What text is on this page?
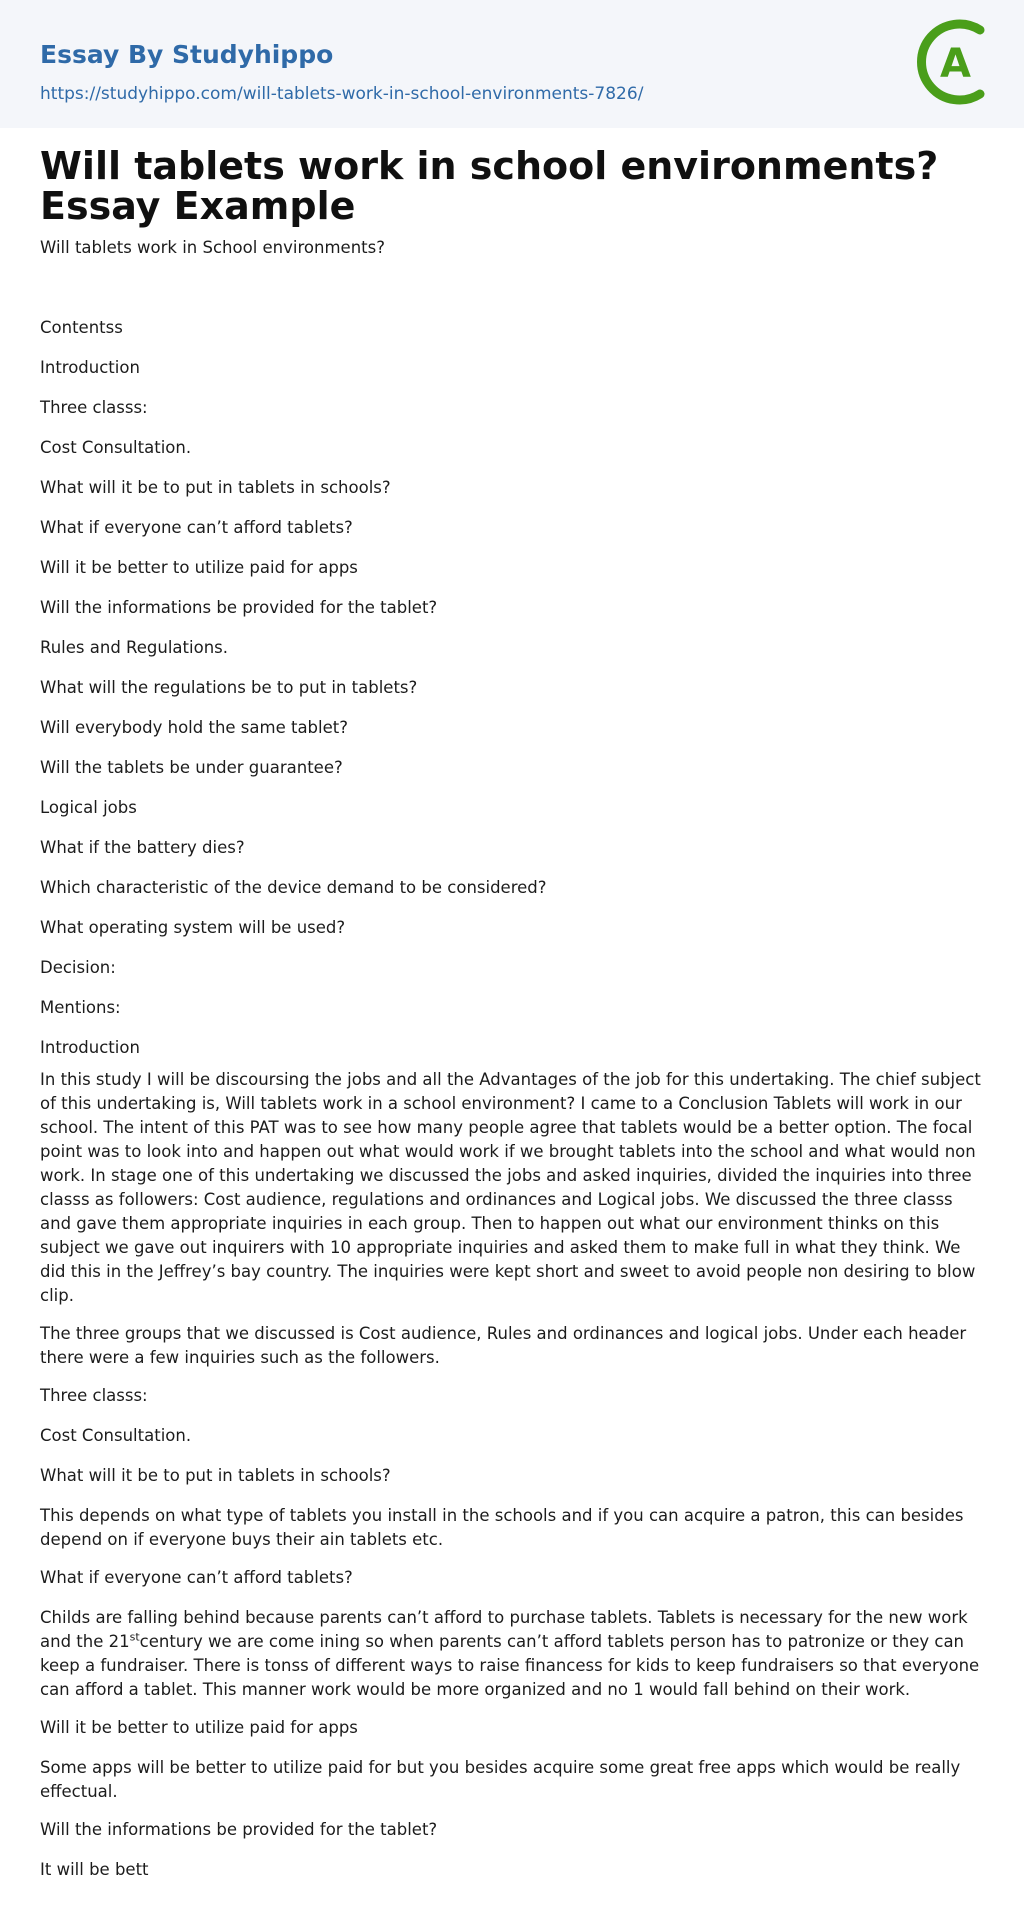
Essay By Studyhippo
https://studyhippo.com/will-tablets-work-in-school-environments-7826/
A
Will tablets work in school environments? Essay Example

Will tablets work in School environments?

Contentss

Introduction

Three classs:

Cost Consultation.

What will it be to put in tablets in schools?

What if everyone can’t afford tablets?

Will it be better to utilize paid for apps

Will the informations be provided for the tablet?

Rules and Regulations.

What will the regulations be to put in tablets?

Will everybody hold the same tablet?

Will the tablets be under guarantee?

Logical jobs

What if the battery dies?

Which characteristic of the device demand to be considered?

What operating system will be used?

Decision:

Mentions:

Introduction

In this study I will be discoursing the jobs and all the Advantages of the job for this undertaking. The chief subject of this undertaking is, Will tablets work in a school environment? I came to a Conclusion Tablets will work in our school. The intent of this PAT was to see how many people agree that tablets would be a better option. The focal point was to look into and happen out what would work if we brought tablets into the school and what would non work. In stage one of this undertaking we discussed the jobs and asked inquiries, divided the inquiries into three classs as followers: Cost audience, regulations and ordinances and Logical jobs. We discussed the three classs and gave them appropriate inquiries in each group. Then to happen out what our environment thinks on this subject we gave out inquirers with 10 appropriate inquiries and asked them to make full in what they think. We did this in the Jeffrey’s bay country. The inquiries were kept short and sweet to avoid people non desiring to blow clip.

The three groups that we discussed is Cost audience, Rules and ordinances and logical jobs. Under each header there were a few inquiries such as the followers.

Three classs:

Cost Consultation.

What will it be to put in tablets in schools?

This depends on what type of tablets you install in the schools and if you can acquire a patron, this can besides depend on if everyone buys their ain tablets etc.

What if everyone can’t afford tablets?

Childs are falling behind because parents can’t afford to purchase tablets. Tablets is necessary for the new work and the 21stcentury we are come ining so when parents can’t afford tablets person has to patronize or they can keep a fundraiser. There is tonss of different ways to raise financess for kids to keep fundraisers so that everyone can afford a tablet. This manner work would be more organized and no 1 would fall behind on their work.

Will it be better to utilize paid for apps

Some apps will be better to utilize paid for but you besides acquire some great free apps which would be really effectual.

Will the informations be provided for the tablet?

It will be bett
